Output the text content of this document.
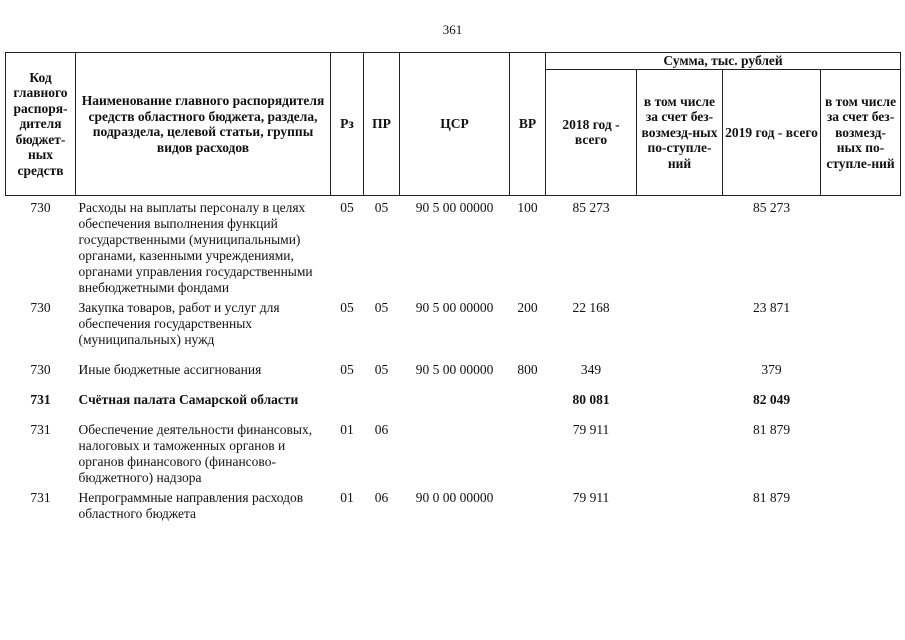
361
Код главного распоря-дителя бюджет-ных средств	Наименование главного распорядителя средств областного бюджета, раздела, подраздела, целевой статьи, группы видов расходов	Рз	ПР	ЦСР	ВР	Сумма, тыс. рублей			
						2018 год - всего	в том числе за счет без-возмезд-ных по-ступле-ний	2019 год - всего	в том числе за счет без-возмезд-ных по-ступле-ний
730	Расходы на выплаты персоналу в целях обеспечения выполнения функций государственными (муниципальными) органами, казенными учреждениями, органами управления государственными внебюджетными фондами	05	05	90 5 00 00000	100	85 273		85 273	
730	Закупка товаров, работ и услуг для обеспечения государственных (муниципальных) нужд	05	05	90 5 00 00000	200	22 168		23 871	
730	Иные бюджетные ассигнования	05	05	90 5 00 00000	800	349		379	
731	Счётная палата Самарской области					80 081		82 049	
731	Обеспечение деятельности финансовых, налоговых и таможенных органов и органов финансового (финансово-бюджетного) надзора	01	06			79 911		81 879	
731	Непрограммные направления расходов областного бюджета	01	06	90 0 00 00000		79 911		81 879	
